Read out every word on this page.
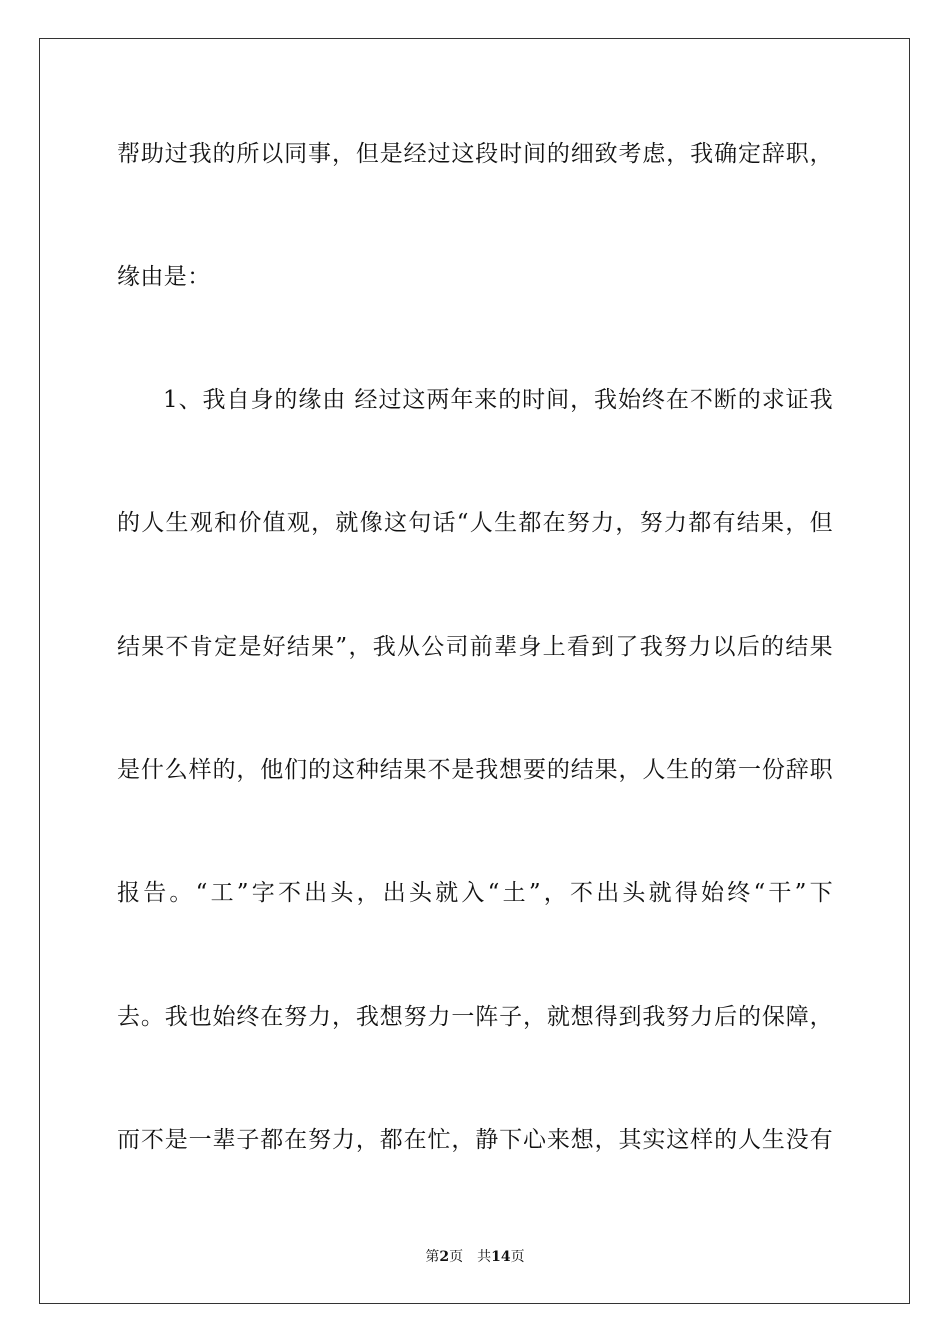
帮助过我的所以同事，但是经过这段时间的细致考虑，我确定辞职，
缘由是：
1、我自身的缘由 经过这两年来的时间，我始终在不断的求证我
的人生观和价值观，就像这句话“人生都在努力，努力都有结果，但
结果不肯定是好结果”，我从公司前辈身上看到了我努力以后的结果
是什么样的，他们的这种结果不是我想要的结果，人生的第一份辞职
报告。“工”字不出头，出头就入“土”，不出头就得始终“干”下
去。我也始终在努力，我想努力一阵子，就想得到我努力后的保障，
而不是一辈子都在努力，都在忙，静下心来想，其实这样的人生没有
第2页 共14页
